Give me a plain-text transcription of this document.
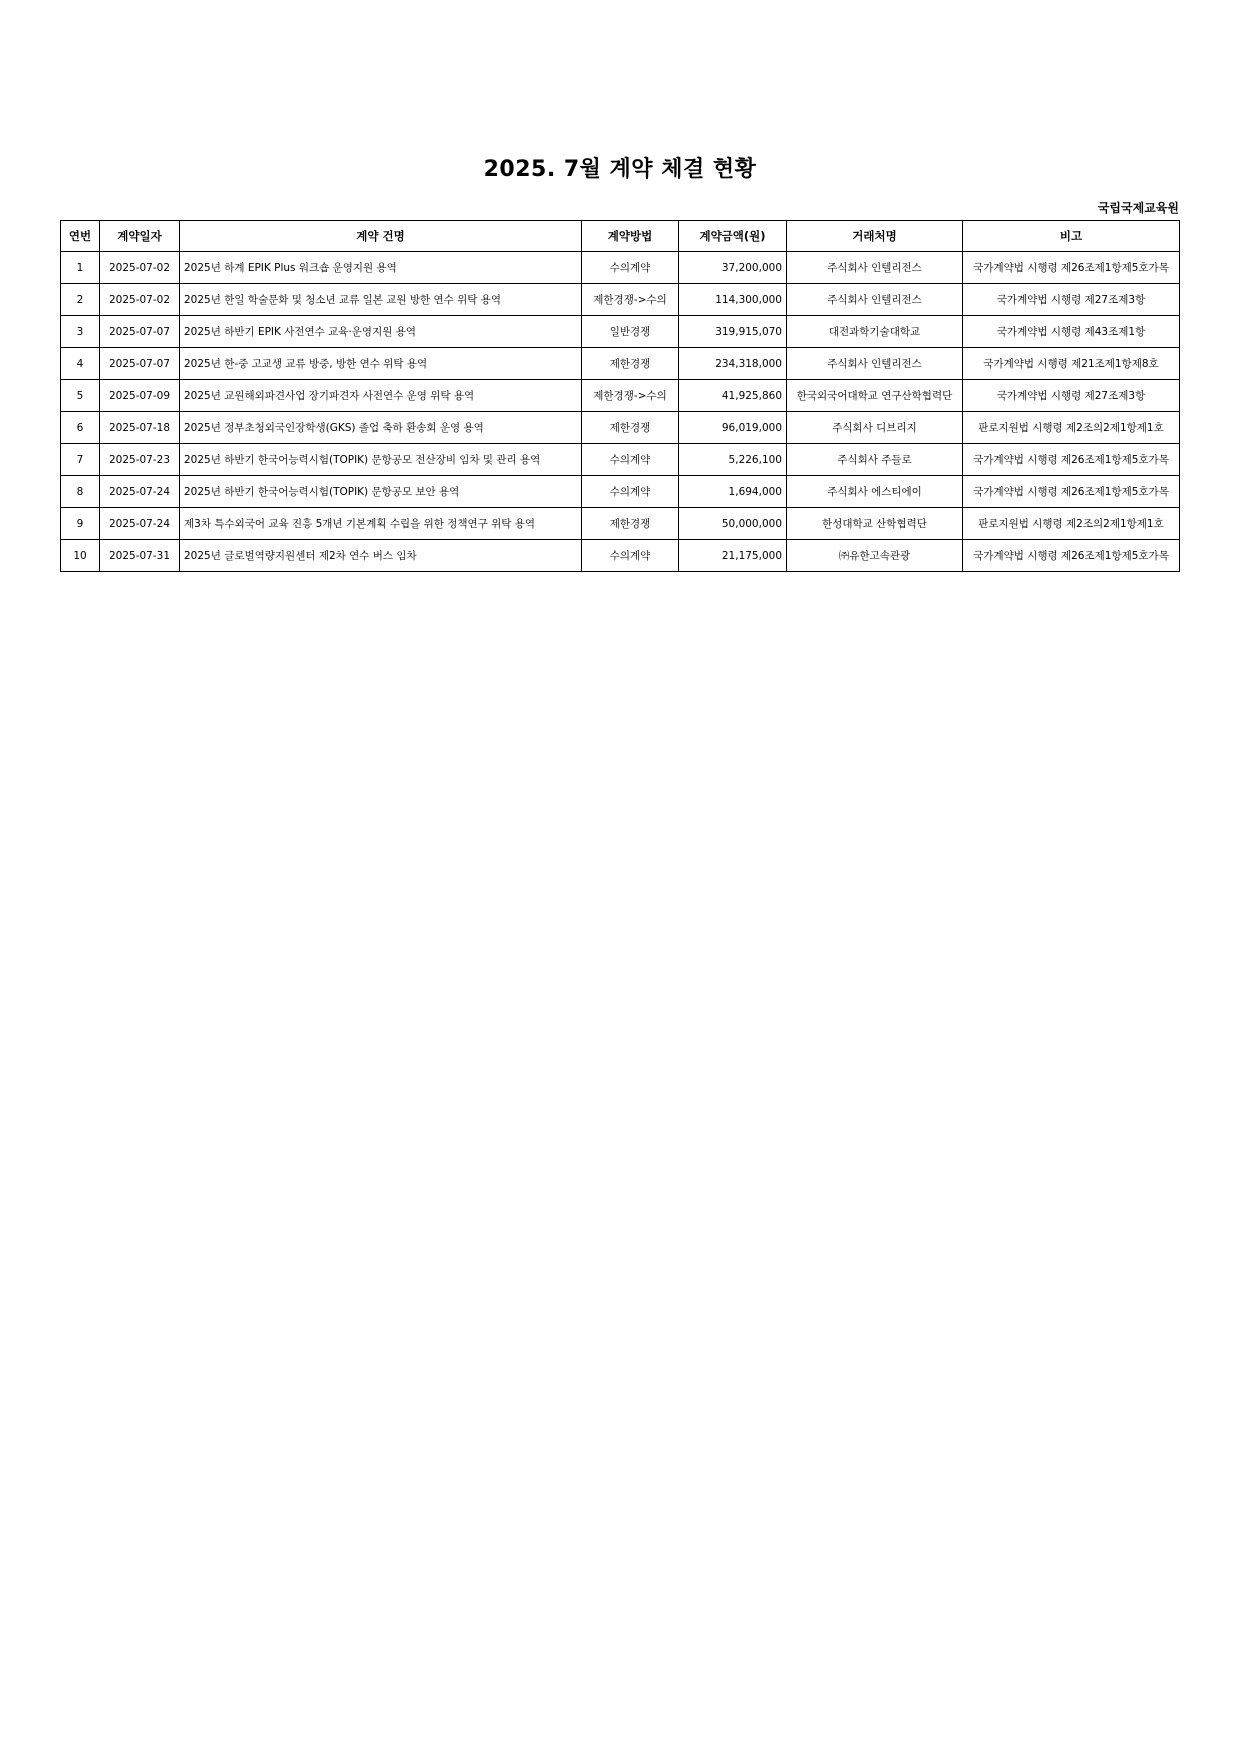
2025. 7월 계약 체결 현황
국립국제교육원
연번	계약일자	계약 건명	계약방법	계약금액(원)	거래처명	비고
1	2025-07-02	2025년 하계 EPIK Plus 워크숍 운영지원 용역	수의계약	37,200,000	주식회사 인텔리전스	국가계약법 시행령 제26조제1항제5호가목
2	2025-07-02	2025년 한일 학술문화 및 청소년 교류 일본 교원 방한 연수 위탁 용역	제한경쟁->수의	114,300,000	주식회사 인텔리전스	국가계약법 시행령 제27조제3항
3	2025-07-07	2025년 하반기 EPIK 사전연수 교육·운영지원 용역	일반경쟁	319,915,070	대전과학기술대학교	국가계약법 시행령 제43조제1항
4	2025-07-07	2025년 한-중 고교생 교류 방중, 방한 연수 위탁 용역	제한경쟁	234,318,000	주식회사 인텔리전스	국가계약법 시행령 제21조제1항제8호
5	2025-07-09	2025년 교원해외파견사업 장기파견자 사전연수 운영 위탁 용역	제한경쟁->수의	41,925,860	한국외국어대학교 연구산학협력단	국가계약법 시행령 제27조제3항
6	2025-07-18	2025년 정부초청외국인장학생(GKS) 졸업 축하 환송회 운영 용역	제한경쟁	96,019,000	주식회사 디브리지	판로지원법 시행령 제2조의2제1항제1호
7	2025-07-23	2025년 하반기 한국어능력시험(TOPIK) 문항공모 전산장비 임차 및 관리 용역	수의계약	5,226,100	주식회사 주들로	국가계약법 시행령 제26조제1항제5호가목
8	2025-07-24	2025년 하반기 한국어능력시험(TOPIK) 문항공모 보안 용역	수의계약	1,694,000	주식회사 에스티에이	국가계약법 시행령 제26조제1항제5호가목
9	2025-07-24	제3차 특수외국어 교육 진흥 5개년 기본계획 수립을 위한 정책연구 위탁 용역	제한경쟁	50,000,000	한성대학교 산학협력단	판로지원법 시행령 제2조의2제1항제1호
10	2025-07-31	2025년 글로벌역량지원센터 제2차 연수 버스 임차	수의계약	21,175,000	㈜유한고속관광	국가계약법 시행령 제26조제1항제5호가목
